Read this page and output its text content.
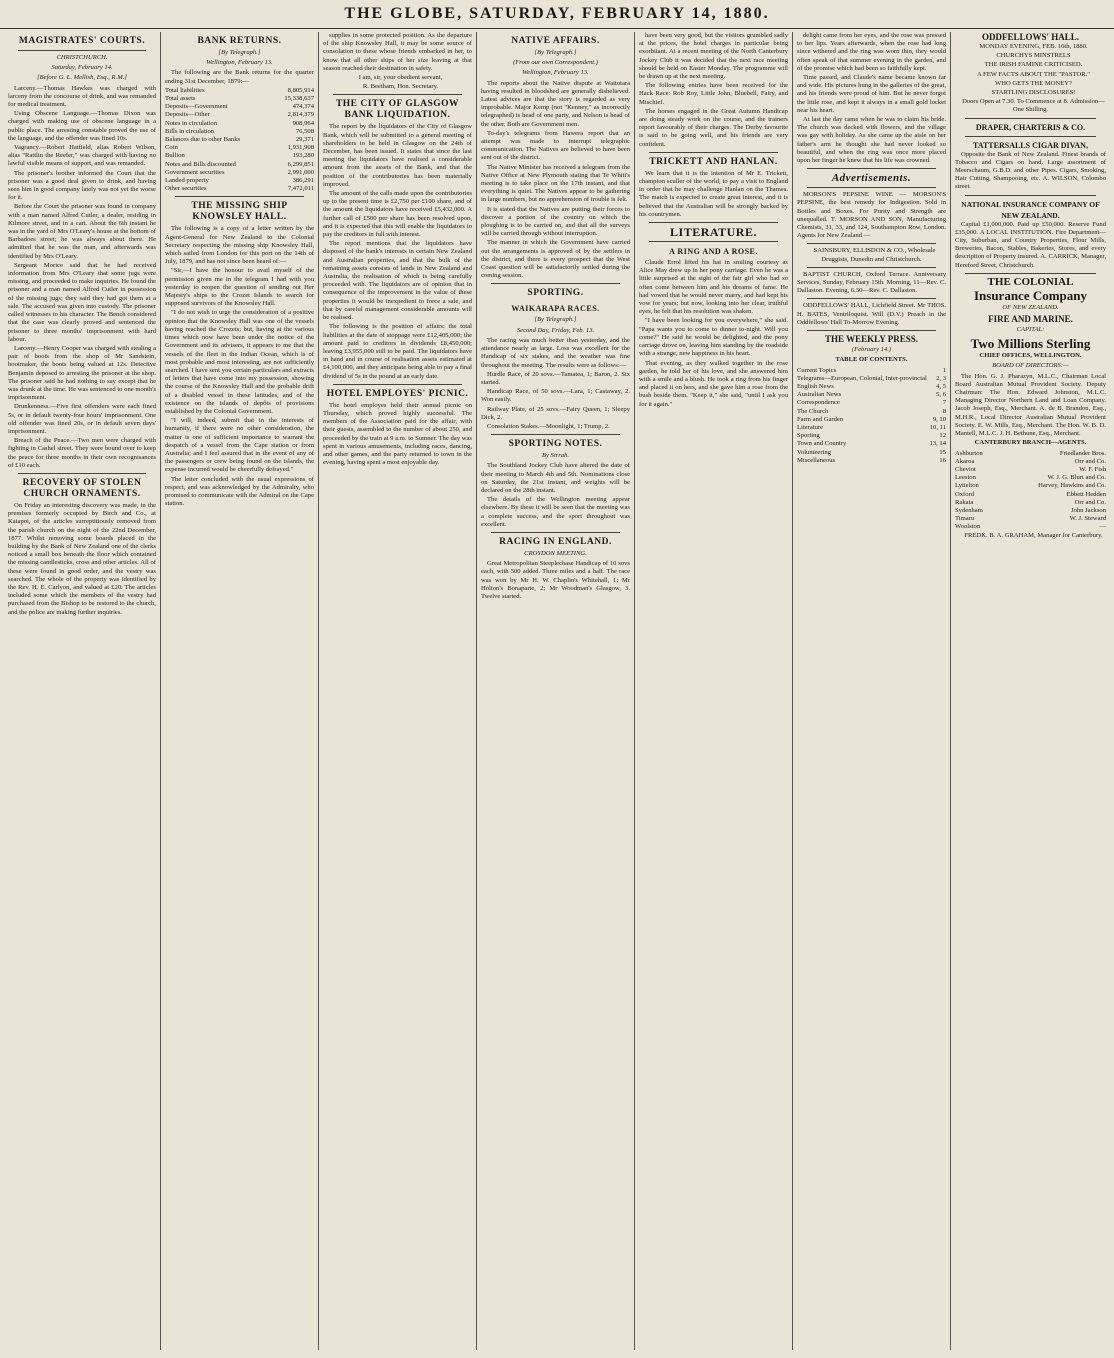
THE GLOBE, SATURDAY, FEBRUARY 14, 1880.
MAGISTRATES' COURTS.
CHRISTCHURCH.
Saturday, February 14.
[Before G. L. Mellish, Esq., R.M.]
Larceny.—Thomas Hawkes was charged with larceny from the concourse of drink, and was remanded for medical treatment.
Using Obscene Language.—Thomas Dixon was charged with making use of obscene language in a public place. The arresting constable proved the use of the language, and the offender was fined 10s.
Vagrancy.—Robert Hatfield, alias Robert Wilson, alias "Rattlin the Reefer," was charged with having no lawful visible means of support, and was remanded.
The prisoner's brother informed the Court that the prisoner was a good deal given to drink, and having seen him in good company lately was not yet the worse for it.
Before the Court the prisoner was found in company with a man named Alfred Cutler, a dealer, residing in Kilmore street, and in a cart. About the 6th instant he was in the yard of Mrs O'Leary's house at the bottom of Barbadoes street; he was always about there. He admitted that he was the man, and afterwards was identified by Mrs O'Leary.
Sergeant Morice said that he had received information from Mrs O'Leary that some jugs were missing, and proceeded to make inquiries. He found the prisoner and a man named Alfred Cutler in possession of the missing jugs; they said they had got them at a sale. The accused was given into custody. The prisoner called witnesses to his character. The Bench considered that the case was clearly proved and sentenced the prisoner to three months' imprisonment with hard labour.
Larceny.—Henry Cooper was charged with stealing a pair of boots from the shop of Mr Sandstein, bootmaker, the boots being valued at 12s. Detective Benjamin deposed to arresting the prisoner at the shop. The prisoner said he had nothing to say except that he was drunk at the time. He was sentenced to one month's imprisonment.
Drunkenness.—Five first offenders were each fined 5s, or in default twenty-four hours' imprisonment. One old offender was fined 20s, or in default seven days' imprisonment.
Breach of the Peace.—Two men were charged with fighting in Cashel street. They were bound over to keep the peace for three months in their own recognisances of £10 each.
RECOVERY OF STOLEN CHURCH ORNAMENTS.
On Friday an interesting discovery was made, in the premises formerly occupied by Birch and Co., at Kaiapoi, of the articles surreptitiously removed from the parish church on the night of the 22nd December, 1877. Whilst removing some boards placed in the building by the Bank of New Zealand one of the clerks noticed a small box beneath the floor which contained the missing candlesticks, cross and other articles. All of these were found in good order, and the vestry was searched. The whole of the property was identified by the Rev. H. E. Carlyon, and valued at £20. The articles included some which the members of the vestry had purchased from the Bishop to be restored to the church, and the police are making further inquiries.
BANK RETURNS.
[By Telegraph.]
Wellington, February 13.
The following are the Bank returns for the quarter ending 31st December, 1879:—
Total liabilities	8,805,914
Total assets	15,338,637
Deposits—Government	474,374
Deposits—Other	2,814,379
Notes in circulation	908,964
Bills in circulation	76,508
Balances due to other Banks	29,371
Coin	1,931,908
Bullion	193,280
Notes and Bills discounted	6,299,851
Government securities	2,991,000
Landed property	386,291
Other securities	7,472,011
THE MISSING SHIP KNOWSLEY HALL.
The following is a copy of a letter written by the Agent-General for New Zealand to the Colonial Secretary respecting the missing ship Knowsley Hall, which sailed from London for this port on the 14th of July, 1879, and has not since been heard of:—
"Sir,—I have the honour to avail myself of the permission given me in the telegram I had with you yesterday to reopen the question of sending out Her Majesty's ships to the Crozet Islands to search for supposed survivors of the Knowsley Hall.
"I do not wish to urge the consideration of a positive opinion that the Knowsley Hall was one of the vessels having reached the Crozets; but, having at the various times which now have been under the notice of the Government and its advisers, it appears to me that the vessels of the fleet in the Indian Ocean, which is of most probable and most interesting, are not sufficiently searched. I have sent you certain particulars and extracts of letters that have come into my possession, showing the course of the Knowsley Hall and the probable drift of a disabled vessel in these latitudes, and of the existence on the islands of depôts of provisions established by the Colonial Government.
"I will, indeed, submit that in the interests of humanity, if there were no other consideration, the matter is one of sufficient importance to warrant the despatch of a vessel from the Cape station or from Australia; and I feel assured that in the event of any of the passengers or crew being found on the islands, the expense incurred would be cheerfully defrayed."
The letter concluded with the usual expressions of respect, and was acknowledged by the Admiralty, who promised to communicate with the Admiral on the Cape station.
supplies in some protected position. As the departure of the ship Knowsley Hall, it may be some source of consolation to these whose friends embarked in her, to know that all other ships of her size leaving at that season reached their destination in safety.
I am, sir, your obedient servant,
R. Beetham, Hon. Secretary.
THE CITY OF GLASGOW BANK LIQUIDATION.
The report by the liquidators of the City of Glasgow Bank, which will be submitted to a general meeting of shareholders to be held in Glasgow on the 24th of December, has been issued. It states that since the last meeting the liquidators have realised a considerable amount from the assets of the Bank, and that the position of the contributories has been materially improved.
The amount of the calls made upon the contributories up to the present time is £2,750 per £100 share, and of the amount the liquidators have received £5,432,000. A further call of £500 per share has been resolved upon, and it is expected that this will enable the liquidators to pay the creditors in full with interest.
The report mentions that the liquidators have disposed of the bank's interests in certain New Zealand and Australian properties, and that the bulk of the remaining assets consists of lands in New Zealand and Australia, the realisation of which is being carefully proceeded with. The liquidators are of opinion that in consequence of the improvement in the value of these properties it would be inexpedient to force a sale, and that by careful management considerable amounts will be realised.
The following is the position of affairs: the total liabilities at the date of stoppage were £12,405,000; the amount paid to creditors in dividends £8,450,000; leaving £3,955,000 still to be paid. The liquidators have in hand and in course of realisation assets estimated at £4,100,000, and they anticipate being able to pay a final dividend of 5s in the pound at an early date.
HOTEL EMPLOYES' PICNIC.
The hotel employes held their annual picnic on Thursday, which proved highly successful. The members of the Association paid for the affair, with their guests, assembled to the number of about 250, and proceeded by the train at 9 a.m. to Sumner. The day was spent in various amusements, including races, dancing, and other games, and the party returned to town in the evening, having spent a most enjoyable day.
NATIVE AFFAIRS.
[By Telegraph.]
(From our own Correspondent.)
Wellington, February 13.
The reports about the Native dispute at Waitotara having resulted in bloodshed are generally disbelieved. Latest advices are that the story is regarded as very improbable. Major Kemp (not "Kenney," as incorrectly telegraphed) is head of one party, and Nelson is head of the other. Both are Government men.
To-day's telegrams from Hawera report that an attempt was made to interrupt telegraphic communication. The Natives are believed to have been sent out of the district.
The Native Minister has received a telegram from the Native Office at New Plymouth stating that Te Whiti's meeting is to take place on the 17th instant, and that everything is quiet. The Natives appear to be gathering in large numbers, but no apprehension of trouble is felt.
It is stated that the Natives are putting their forces to discover a portion of the country on which the ploughing is to be carried on, and that all the surveys will be carried through without interruption.
The manner in which the Government have carried out the arrangements is approved of by the settlers in the district, and there is every prospect that the West Coast question will be satisfactorily settled during the coming session.
SPORTING.
WAIKARAPA RACES.
[By Telegraph.]
Second Day, Friday, Feb. 13.
The racing was much better than yesterday, and the attendance nearly as large. Loss was excellent for the Handicap of six stakes, and the weather was fine throughout the meeting. The results were as follows:—
Hurdle Race, of 20 sovs.—Tamatea, 1; Baron, 2. Six started.
Handicap Race, of 50 sovs.—Lara, 1; Castaway, 2. Won easily.
Railway Plate, of 25 sovs.—Fairy Queen, 1; Sleepy Dick, 2.
Consolation Stakes.—Moonlight, 1; Trump, 2.
SPORTING NOTES.
By Sirrah.
The Southland Jockey Club have altered the date of their meeting to March 4th and 5th. Nominations close on Saturday, the 21st instant, and weights will be declared on the 28th instant.
The details of the Wellington meeting appear elsewhere. By these it will be seen that the meeting was a complete success, and the sport throughout was excellent.
RACING IN ENGLAND.
CROYDON MEETING.
Great Metropolitan Steeplechase Handicap of 10 sovs each, with 500 added. Three miles and a half. The race was won by Mr H. W. Chaplin's Whitehall, 1; Mr Holton's Bonaparte, 2; Mr Woodman's Glasgow, 3. Twelve started.
have been very good, but the visitors grumbled sadly at the prices, the hotel charges in particular being exorbitant. At a recent meeting of the North Canterbury Jockey Club it was decided that the next race meeting should be held on Easter Monday. The programme will be drawn up at the next meeting.
The following entries have been received for the Hack Race: Rob Roy, Little John, Bluebell, Fairy, and Mischief.
The horses engaged in the Great Autumn Handicap are doing steady work on the course, and the trainers report favourably of their charges. The Derby favourite is said to be going well, and his friends are very confident.
TRICKETT AND HANLAN.
We learn that it is the intention of Mr E. Trickett, champion sculler of the world, to pay a visit to England in order that he may challenge Hanlan on the Thames. The match is expected to create great interest, and it is believed that the Australian will be strongly backed by his countrymen.
LITERATURE.
A RING AND A ROSE.
Claude Errol lifted his hat in smiling courtesy as Alice May drew up in her pony carriage. Even he was a little surprised at the sight of the fair girl who had so often come between him and his dreams of fame. He had vowed that he would never marry, and had kept his vow for years; but now, looking into her clear, truthful eyes, he felt that his resolution was shaken.
"I have been looking for you everywhere," she said. "Papa wants you to come to dinner to-night. Will you come?" He said he would be delighted, and the pony carriage drove on, leaving him standing by the roadside with a strange, new happiness in his heart.
That evening, as they walked together in the rose garden, he told her of his love, and she answered him with a smile and a blush. He took a ring from his finger and placed it on hers, and she gave him a rose from the bush beside them. "Keep it," she said, "until I ask you for it again."
delight came from her eyes, and the rose was pressed to her lips. Years afterwards, when the rose had long since withered and the ring was worn thin, they would often speak of that summer evening in the garden, and of the promise which had been so faithfully kept.
Time passed, and Claude's name became known far and wide. His pictures hung in the galleries of the great, and his friends were proud of him. But he never forgot the little rose, and kept it always in a small gold locket near his heart.
At last the day came when he was to claim his bride. The church was decked with flowers, and the village was gay with holiday. As she came up the aisle on her father's arm he thought she had never looked so beautiful, and when the ring was once more placed upon her finger he knew that his life was crowned.
Advertisements.
MORSON'S PEPSINE WINE — MORSON'S PEPSINE, the best remedy for Indigestion. Sold in Bottles and Boxes. For Purity and Strength are unequalled. T. MORSON AND SON, Manufacturing Chemists, 31, 33, and 124, Southampton Row, London. Agents for New Zealand —
SAINSBURY, ELLISDON & CO., Wholesale Druggists, Dunedin and Christchurch.
BAPTIST CHURCH, Oxford Terrace. Anniversary Services, Sunday, February 15th. Morning, 11—Rev. C. Dallaston. Evening, 6.30—Rev. C. Dallaston.
ODDFELLOWS' HALL, Lichfield Street. Mr THOS. H. BATES, Ventriloquist. Will (D.V.) Preach in the Oddfellows' Hall To-Morrow Evening.
THE WEEKLY PRESS.
(February 14.)
TABLE OF CONTENTS.
Current Topics	1
Telegrams—European, Colonial, Inter-provincial	2, 3
English News	4, 5
Australian News	5, 6
Correspondence	7
The Church	8
Farm and Garden	9, 10
Literature	10, 11
Sporting	12
Town and Country	13, 14
Volunteering	15
Miscellaneous	16
ODDFELLOWS' HALL.
MONDAY EVENING, FEB. 16th, 1880.
CHURCHYS MINSTRELS
THE IRISH FAMINE CRITICISED.
A FEW FACTS ABOUT THE "PASTOR."
WHO GETS THE MONEY?
STARTLING DISCLOSURES!
Doors Open at 7.30. To Commence at 8. Admission—One Shilling.
DRAPER, CHARTERIS & CO.
TATTERSALLS CIGAR DIVAN,
Opposite the Bank of New Zealand. Finest brands of Tobacco and Cigars on hand. Large assortment of Meerschaum, G.B.D. and other Pipes. Cigars, Smoking, Hair Cutting, Shampooing, etc. A. WILSON, Colombo street.
NATIONAL INSURANCE COMPANY OF NEW ZEALAND.
Capital £1,000,000. Paid up £50,000. Reserve Fund £35,000. A LOCAL INSTITUTION. Fire Department—City, Suburban, and Country Properties, Flour Mills, Breweries, Bacon, Stables, Bakeries, Stores, and every description of Property insured. A. CARRICK, Manager, Hereford Street, Christchurch.
THE COLONIAL
Insurance Company
OF NEW ZEALAND.
FIRE AND MARINE.
CAPITAL:
Two Millions Sterling
CHIEF OFFICES, WELLINGTON.
BOARD OF DIRECTORS:—
The Hon. G. J. Pharazyn, M.L.C., Chairman Local Board Australian Mutual Provident Society. Deputy Chairman: The Hon. Edward Johnston, M.L.C. Managing Director Northern Land and Loan Company. Jacob Joseph, Esq., Merchant. A. de B. Brandon, Esq., M.H.R., Local Director Australian Mutual Provident Society. E. W. Mills, Esq., Merchant. The Hon. W. B. D. Mantell, M.L.C. J. H. Bethune, Esq., Merchant.
CANTERBURY BRANCH—AGENTS.
Ashburton	Friedlander Bros.
Akaroa	Orr and Co.
Cheviot	W. F. Fish
Leeston	W. J. G. Blurt and Co.
Lyttelton	Harvey, Hawkins and Co.
Oxford	Ebbett Hedden
Rakaia	Orr and Co.
Sydenham	John Jackson
Timaru	W. J. Steward
Woolston	—
FREDK. B. A. GRAHAM, Manager for Canterbury.
